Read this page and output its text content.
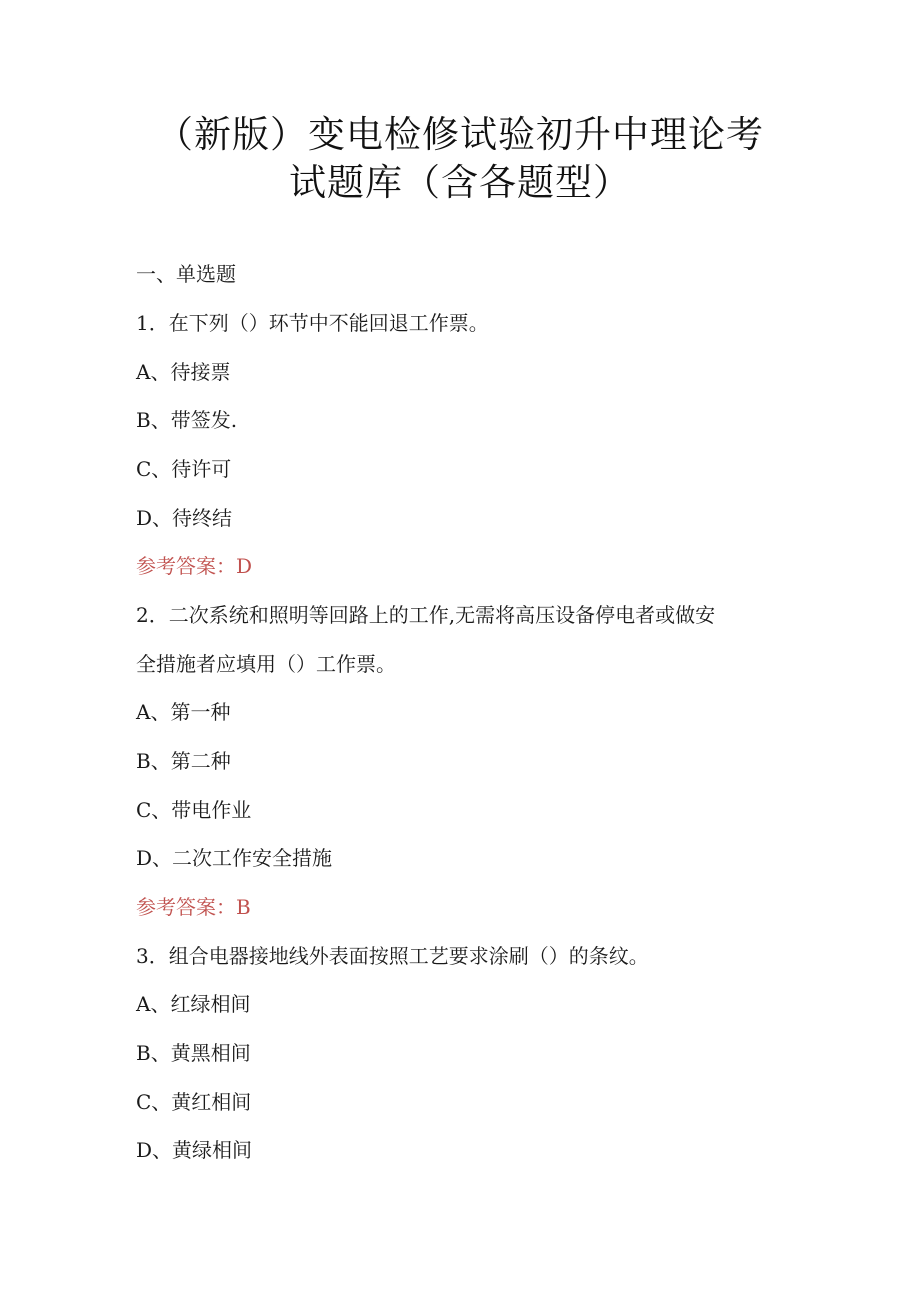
（新版）变电检修试验初升中理论考
试题库（含各题型）
一、单选题
1．在下列（）环节中不能回退工作票。
A、待接票
B、带签发.
C、待许可
D、待终结
参考答案：D
2．二次系统和照明等回路上的工作,无需将高压设备停电者或做安
全措施者应填用（）工作票。
A、第一种
B、第二种
C、带电作业
D、二次工作安全措施
参考答案：B
3．组合电器接地线外表面按照工艺要求涂刷（）的条纹。
A、红绿相间
B、黄黑相间
C、黄红相间
D、黄绿相间
